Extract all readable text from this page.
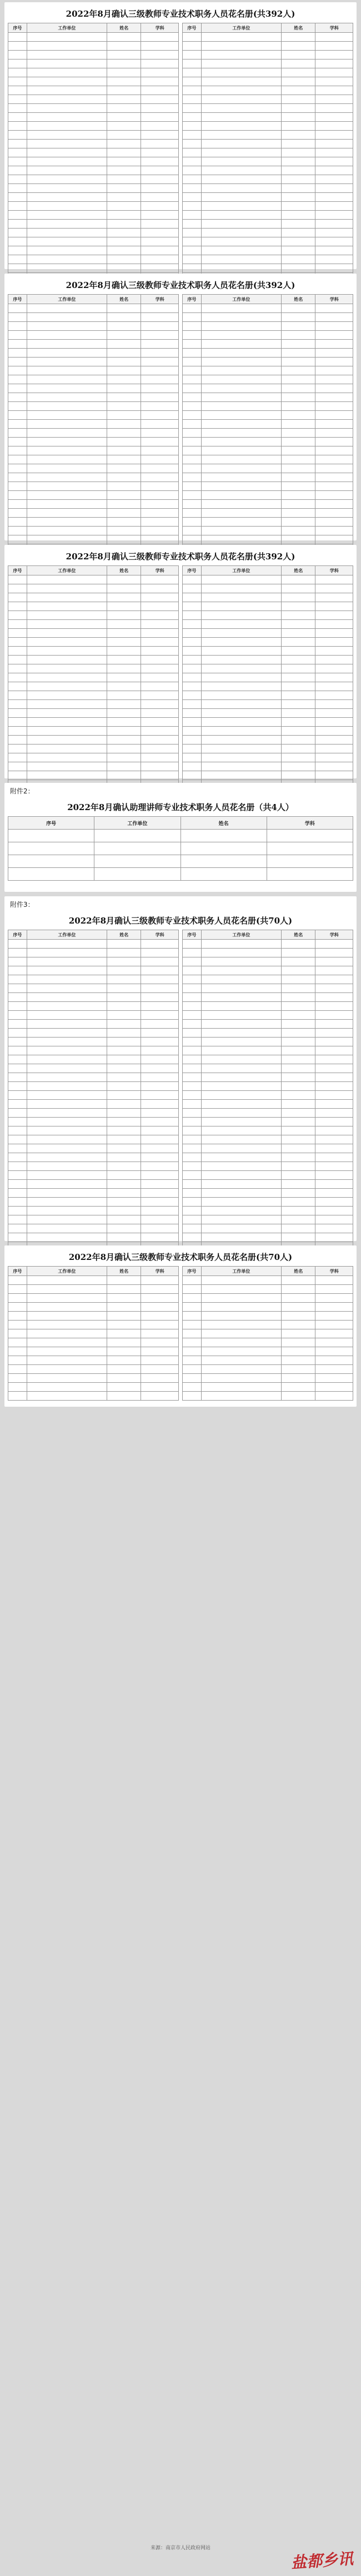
2022年8月确认三级教师专业技术职务人员花名册(共392人)
序号	工作单位	姓名	学科

				序号	工作单位	姓名	学科

2022年8月确认三级教师专业技术职务人员花名册(共392人)
序号	工作单位	姓名	学科

				序号	工作单位	姓名	学科

2022年8月确认三级教师专业技术职务人员花名册(共392人)
序号	工作单位	姓名	学科

				序号	工作单位	姓名	学科

附件2：
2022年8月确认助理讲师专业技术职务人员花名册（共4人）
序号	工作单位	姓名	学科

附件3：
2022年8月确认三级教师专业技术职务人员花名册(共70人)
序号	工作单位	姓名	学科

				序号	工作单位	姓名	学科

2022年8月确认三级教师专业技术职务人员花名册(共70人)
序号	工作单位	姓名	学科

				序号	工作单位	姓名	学科

来源：南京市人民政府网站
盐都乡讯
